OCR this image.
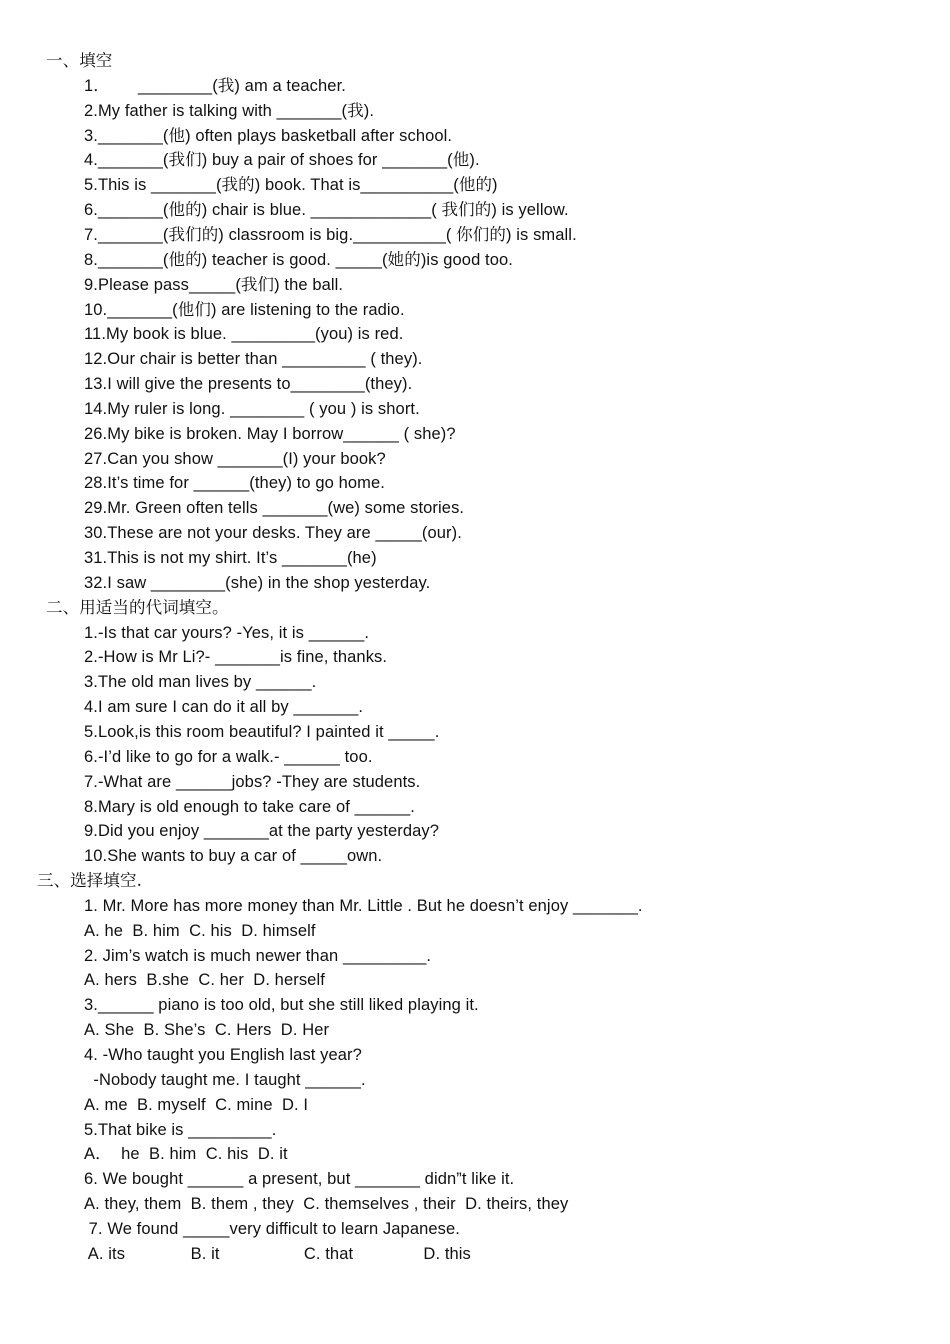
一、填空
1．      ________(我) am a teacher.
2.My father is talking with _______(我).
3._______(他) often plays basketball after school.
4._______(我们) buy a pair of shoes for _______(他).
5.This is _______(我的) book. That is__________(他的)
6._______(他的) chair is blue. _____________( 我们的) is yellow.
7._______(我们的) classroom is big.__________( 你们的) is small.
8._______(他的) teacher is good. _____(她的)is good too.
9.Please pass_____(我们) the ball.
10._______(他们) are listening to the radio.
11.My book is blue. _________(you) is red.
12.Our chair is better than _________ ( they).
13.I will give the presents to________(they).
14.My ruler is long. ________ ( you ) is short.
26.My bike is broken. May I borrow______ ( she)?
27.Can you show _______(I) your book?
28.It’s time for ______(they) to go home.
29.Mr. Green often tells _______(we) some stories.
30.These are not your desks. They are _____(our).
31.This is not my shirt. It’s _______(he)
32.I saw ________(she) in the shop yesterday.
二、用适当的代词填空。
1.-Is that car yours? -Yes, it is ______.
2.-How is Mr Li?- _______is fine, thanks.
3.The old man lives by ______.
4.I am sure I can do it all by _______.
5.Look,is this room beautiful? I painted it _____.
6.-I’d like to go for a walk.- ______ too.
7.-What are ______jobs? -They are students.
8.Mary is old enough to take care of ______.
9.Did you enjoy _______at the party yesterday?
10.She wants to buy a car of _____own.
三、选择填空.
1. Mr. More has more money than Mr. Little . But he doesn’t enjoy _______.
A. he  B. him  C. his  D. himself
2. Jim’s watch is much newer than _________.
A. hers  B.she  C. her  D. herself
3.______ piano is too old, but she still liked playing it.
A. She  B. She’s  C. Hers  D. Her
4. -Who taught you English last year?
-Nobody taught me. I taught ______.
A. me  B. myself  C. mine  D. I
5.That bike is _________.
A．  he  B. him  C. his  D. it
6. We bought ______ a present, but _______ didn”t like it.
A. they, them  B. them , they  C. themselves , their  D. theirs, they
7. We found _____very difficult to learn Japanese.
A. its              B. it                  C. that               D. this
